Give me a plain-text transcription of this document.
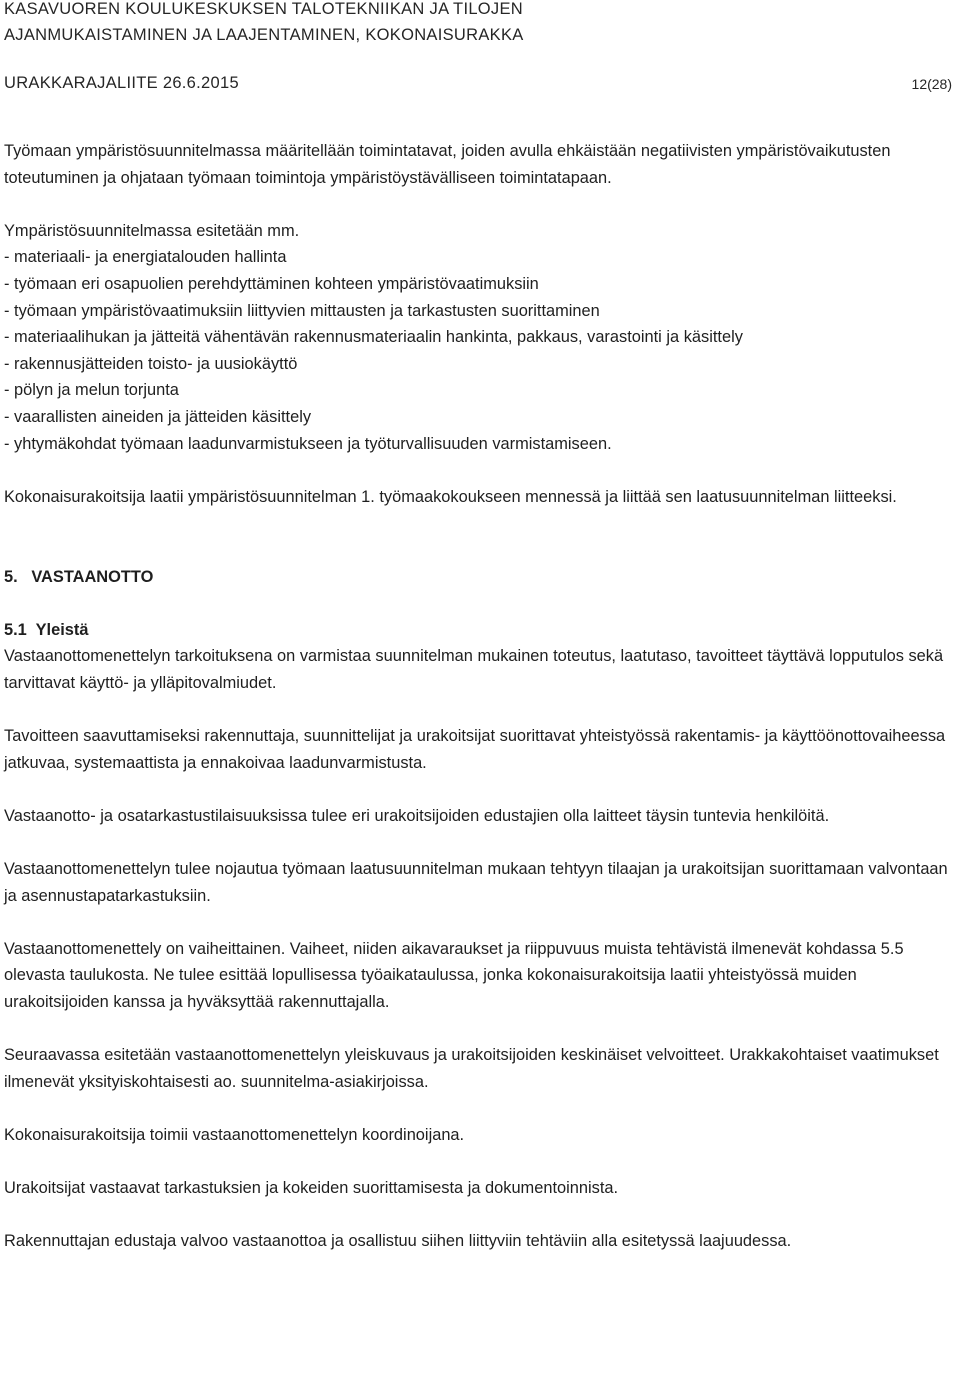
KASAVUOREN KOULUKESKUKSEN TALOTEKNIIKAN JA TILOJEN

AJANMUKAISTAMINEN JA LAAJENTAMINEN, KOKONAISURAKKA

URAKKARAJALIITE 26.6.2015	12(28)

Työmaan ympäristösuunnitelmassa määritellään toimintatavat, joiden avulla ehkäistään negatiivisten ympäristövaikutusten toteutuminen ja ohjataan työmaan toimintoja ympäristöystävälliseen toimintatapaan.

Ympäristösuunnitelmassa esitetään mm.

- materiaali- ja energiatalouden hallinta
- työmaan eri osapuolien perehdyttäminen kohteen ympäristövaatimuksiin
- työmaan ympäristövaatimuksiin liittyvien mittausten ja tarkastusten suorittaminen
- materiaalihukan ja jätteitä vähentävän rakennusmateriaalin hankinta, pakkaus, varastointi ja käsittely
- rakennusjätteiden toisto- ja uusiokäyttö
- pölyn ja melun torjunta
- vaarallisten aineiden ja jätteiden käsittely
- yhtymäkohdat työmaan laadunvarmistukseen ja työturvallisuuden varmistamiseen.

Kokonaisurakoitsija laatii ympäristösuunnitelman 1. työmaakokoukseen mennessä ja liittää sen laatusuunnitelman liitteeksi.

5.   VASTAANOTTO

5.1  Yleistä

Vastaanottomenettelyn tarkoituksena on varmistaa suunnitelman mukainen toteutus, laatutaso, tavoitteet täyttävä lopputulos sekä tarvittavat käyttö- ja ylläpitovalmiudet.

Tavoitteen saavuttamiseksi rakennuttaja, suunnittelijat ja urakoitsijat suorittavat yhteistyössä rakentamis- ja käyttöönottovaiheessa jatkuvaa, systemaattista ja ennakoivaa laadunvarmistusta.

Vastaanotto- ja osatarkastustilaisuuksissa tulee eri urakoitsijoiden edustajien olla laitteet täysin tuntevia henkilöitä.

Vastaanottomenettelyn tulee nojautua työmaan laatusuunnitelman mukaan tehtyyn tilaajan ja urakoitsijan suorittamaan valvontaan ja asennustapatarkastuksiin.

Vastaanottomenettely on vaiheittainen. Vaiheet, niiden aikavaraukset ja riippuvuus muista tehtävistä ilmenevät kohdassa 5.5 olevasta taulukosta. Ne tulee esittää lopullisessa työaikataulussa, jonka kokonaisurakoitsija laatii yhteistyössä muiden urakoitsijoiden kanssa ja hyväksyttää rakennuttajalla.

Seuraavassa esitetään vastaanottomenettelyn yleiskuvaus ja urakoitsijoiden keskinäiset velvoitteet. Urakkakohtaiset vaatimukset ilmenevät yksityiskohtaisesti ao. suunnitelma-asiakirjoissa.

Kokonaisurakoitsija toimii vastaanottomenettelyn koordinoijana.

Urakoitsijat vastaavat tarkastuksien ja kokeiden suorittamisesta ja dokumentoinnista.

Rakennuttajan edustaja valvoo vastaanottoa ja osallistuu siihen liittyviin tehtäviin alla esitetyssä laajuudessa.
